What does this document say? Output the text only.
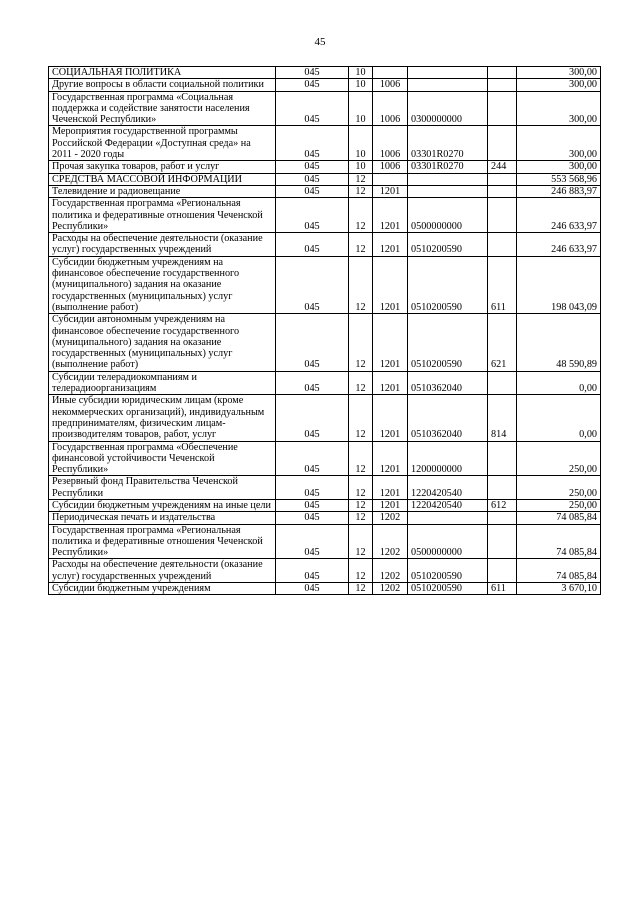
45
СОЦИАЛЬНАЯ ПОЛИТИКА	045	10				300,00
Другие вопросы в области социальной политики	045	10	1006			300,00
Государственная программа «Социальная поддержка и содействие занятости населения Чеченской Республики»	045	10	1006	0300000000		300,00
Мероприятия государственной программы Российской Федерации «Доступная среда» на 2011 - 2020 годы	045	10	1006	03301R0270		300,00
Прочая закупка товаров, работ и услуг	045	10	1006	03301R0270	244	300,00
СРЕДСТВА МАССОВОЙ ИНФОРМАЦИИ	045	12				553 568,96
Телевидение и радиовещание	045	12	1201			246 883,97
Государственная программа «Региональная политика и федеративные отношения Чеченской Республики»	045	12	1201	0500000000		246 633,97
Расходы на обеспечение деятельности (оказание услуг) государственных учреждений	045	12	1201	0510200590		246 633,97
Субсидии бюджетным учреждениям на финансовое обеспечение государственного (муниципального) задания на оказание государственных (муниципальных) услуг (выполнение работ)	045	12	1201	0510200590	611	198 043,09
Субсидии автономным учреждениям на финансовое обеспечение государственного (муниципального) задания на оказание государственных (муниципальных) услуг (выполнение работ)	045	12	1201	0510200590	621	48 590,89
Субсидии телерадиокомпаниям и телерадиоорганизациям	045	12	1201	0510362040		0,00
Иные субсидии юридическим лицам (кроме некоммерческих организаций), индивидуальным предпринимателям, физическим лицам-производителям товаров, работ, услуг	045	12	1201	0510362040	814	0,00
Государственная программа «Обеспечение финансовой устойчивости Чеченской Республики»	045	12	1201	1200000000		250,00
Резервный фонд Правительства Чеченской Республики	045	12	1201	1220420540		250,00
Субсидии бюджетным учреждениям на иные цели	045	12	1201	1220420540	612	250,00
Периодическая печать и издательства	045	12	1202			74 085,84
Государственная программа «Региональная политика и федеративные отношения Чеченской Республики»	045	12	1202	0500000000		74 085,84
Расходы на обеспечение деятельности (оказание услуг) государственных учреждений	045	12	1202	0510200590		74 085,84
Субсидии бюджетным учреждениям	045	12	1202	0510200590	611	3 670,10
